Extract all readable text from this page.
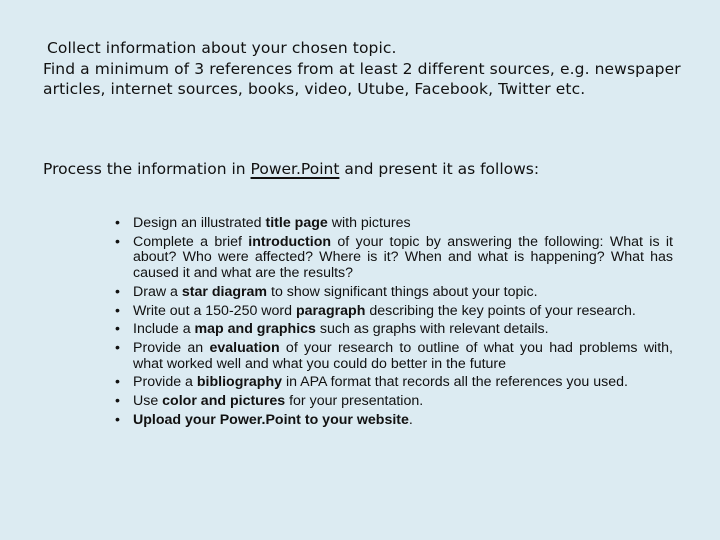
Collect information about your chosen topic.

Find a minimum of 3 references from at least 2 different sources, e.g. newspaper articles, internet sources, books, video, Utube, Facebook, Twitter etc.

Process the information in Power.Point and present it as follows:
• Design an illustrated title page with pictures
• Complete a brief introduction of your topic by answering the following: What is it about? Who were affected? Where is it? When and what is happening? What has caused it and what are the results?
• Draw a star diagram to show significant things about your topic.
• Write out a 150-250 word paragraph describing the key points of your research.
• Include a map and graphics such as graphs with relevant details.
• Provide an evaluation of your research to outline of what you had problems with, what worked well and what you could do better in the future
• Provide a bibliography in APA format that records all the references you used.
• Use color and pictures for your presentation.
• Upload your Power.Point to your website.
